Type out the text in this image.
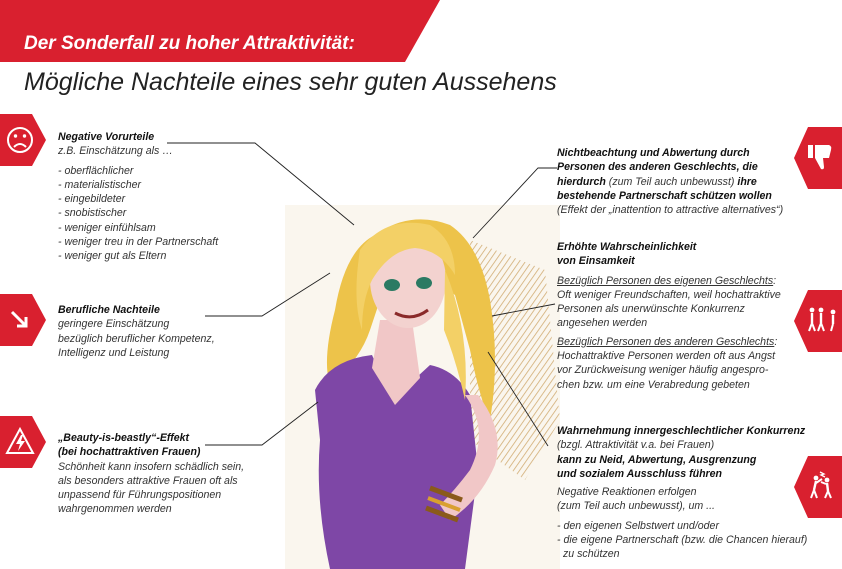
Der Sonderfall zu hoher Attraktivität:
Mögliche Nachteile eines sehr guten Aussehens
Negative Vorurteile
z.B. Einschätzung als …
- oberflächlicher
- materialistischer
- eingebildeter
- snobistischer
- weniger einfühlsam
- weniger treu in der Partnerschaft
- weniger gut als Eltern
Berufliche Nachteile
geringere Einschätzung
bezüglich beruflicher Kompetenz,
Intelligenz und Leistung
„Beauty-is-beastly“-Effekt
(bei hochattraktiven Frauen)
Schönheit kann insofern schädlich sein,
als besonders attraktive Frauen oft als
unpassend für Führungspositionen
wahrgenommen werden
Nichtbeachtung und Abwertung durch
Personen des anderen Geschlechts, die
hierdurch (zum Teil auch unbewusst) ihre
bestehende Partnerschaft schützen wollen
(Effekt der „inattention to attractive alternatives“)
Erhöhte Wahrscheinlichkeit
von Einsamkeit
Bezüglich Personen des eigenen Geschlechts:
Oft weniger Freundschaften, weil hochattraktive
Personen als unerwünschte Konkurrenz
angesehen werden
Bezüglich Personen des anderen Geschlechts:
Hochattraktive Personen werden oft aus Angst
vor Zurückweisung weniger häufig angespro-
chen bzw. um eine Verabredung gebeten
Wahrnehmung innergeschlechtlicher Konkurrenz
(bzgl. Attraktivität v.a. bei Frauen)
kann zu Neid, Abwertung, Ausgrenzung
und sozialem Ausschluss führen
Negative Reaktionen erfolgen
(zum Teil auch unbewusst), um ...
- den eigenen Selbstwert und/oder
- die eigene Partnerschaft (bzw. die Chancen hierauf)
zu schützen
